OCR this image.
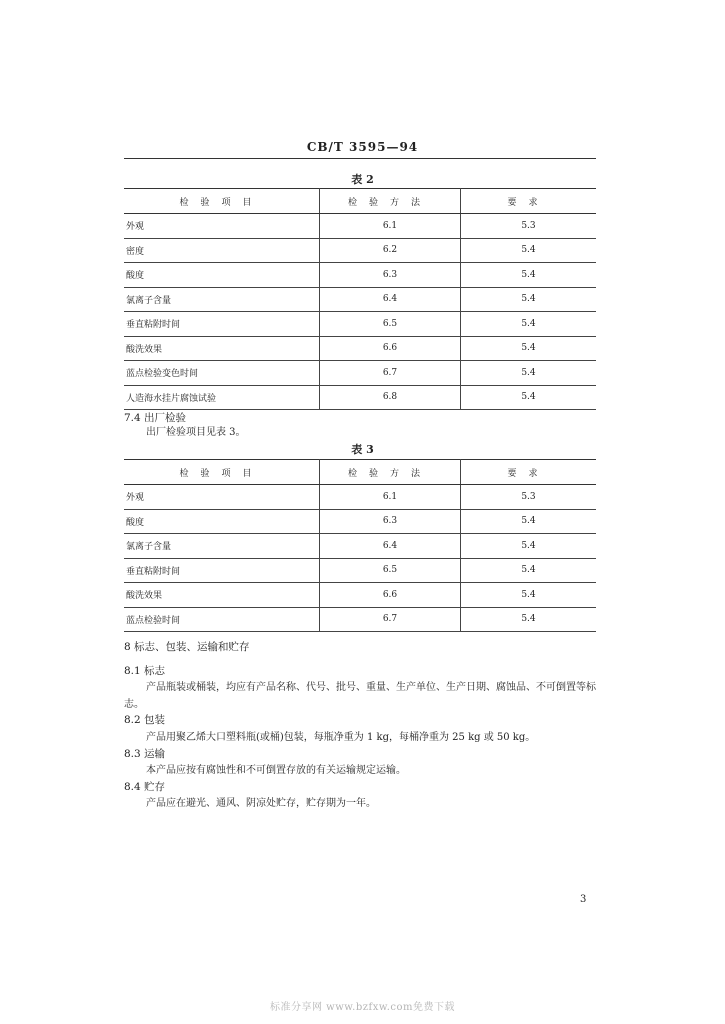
CB/T 3595—94
表 2
检验项目	检验方法	要求
外观	6.1	5.3
密度	6.2	5.4
酸度	6.3	5.4
氯离子含量	6.4	5.4
垂直粘附时间	6.5	5.4
酸洗效果	6.6	5.4
蓝点检验变色时间	6.7	5.4
人造海水挂片腐蚀试验	6.8	5.4
7.4 出厂检验
出厂检验项目见表 3。
表 3
检验项目	检验方法	要求
外观	6.1	5.3
酸度	6.3	5.4
氯离子含量	6.4	5.4
垂直粘附时间	6.5	5.4
酸洗效果	6.6	5.4
蓝点检验时间	6.7	5.4
8 标志、包装、运输和贮存
8.1 标志
产品瓶装或桶装，均应有产品名称、代号、批号、重量、生产单位、生产日期、腐蚀品、不可倒置等标
志。
8.2 包装
产品用聚乙烯大口塑料瓶(或桶)包装，每瓶净重为 1 kg，每桶净重为 25 kg 或 50 kg。
8.3 运输
本产品应按有腐蚀性和不可倒置存放的有关运输规定运输。
8.4 贮存
产品应在避光、通风、阴凉处贮存，贮存期为一年。
3
标准分享网 www.bzfxw.com免费下载
